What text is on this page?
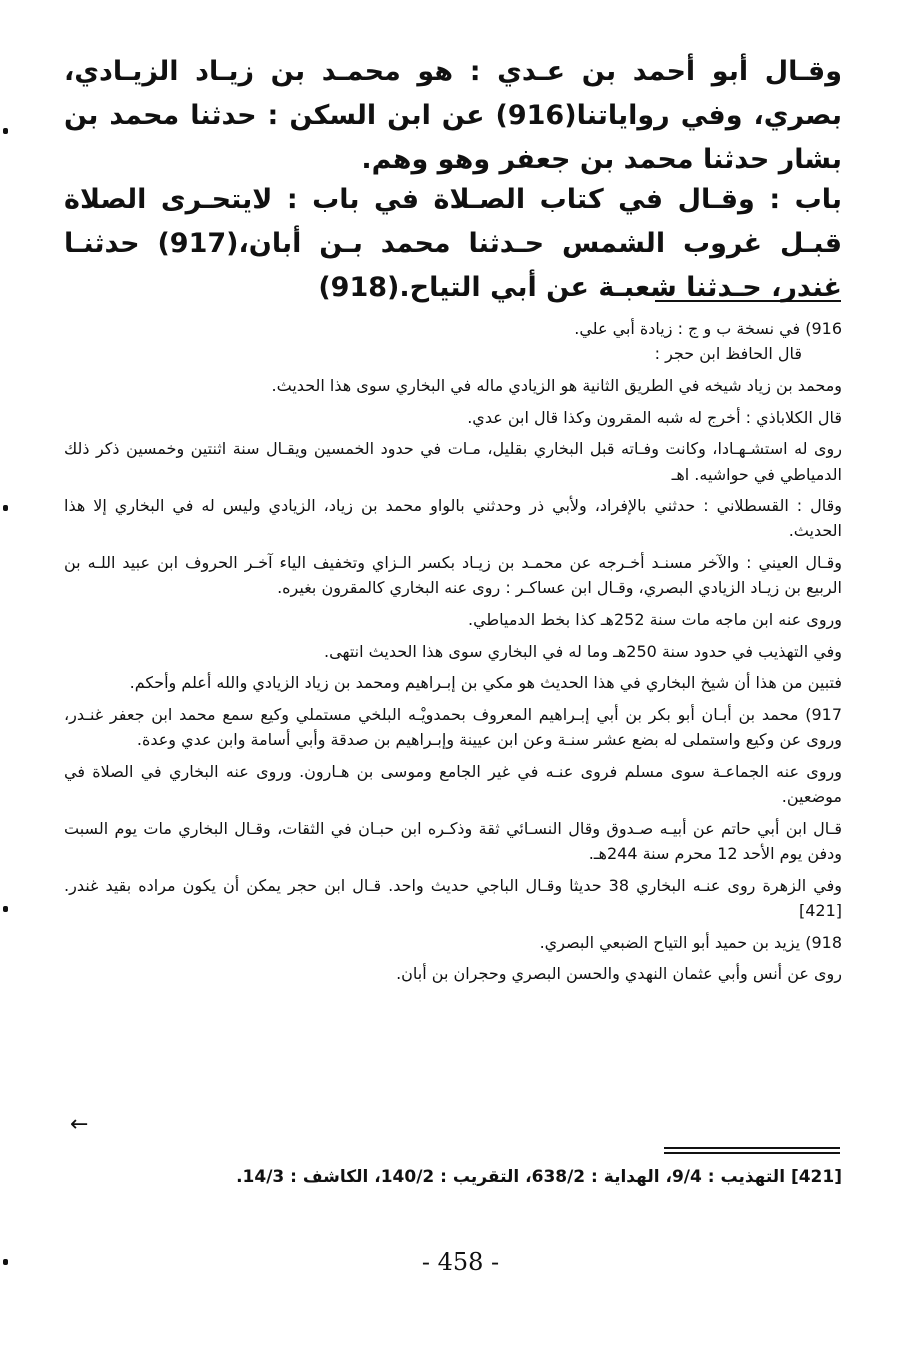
وقـال أبو أحمد بن عـدي : هو محمـد بن زيـاد الزيـادي، بصري، وفي رواياتنا(916) عن ابن السكن : حدثنا محمد بن بشار حدثنا محمد بن جعفر وهو وهم.

باب : وقـال في كتاب الصـلاة في باب : لايتحـرى الصلاة قبـل غروب الشمس حـدثنا محمد بـن أبان،(917) حدثنـا غندر، حـدثنا شعبـة عن أبي التياح.(918)

916) في نسخة ب و ج : زيادة أبي علي.

قال الحافظ ابن حجر :

ومحمد بن زياد شيخه في الطريق الثانية هو الزيادي ماله في البخاري سوى هذا الحديث.

قال الكلاباذي : أخرج له شبه المقرون وكذا قال ابن عدي.

روى له استشـهـادا، وكانت وفـاته قبل البخاري بقليل، مـات في حدود الخمسين ويقـال سنة اثنتين وخمسين ذكر ذلك الدمياطي في حواشيه. اهـ

وقال : القسطلاني : حدثني بالإفراد، ولأبي ذر وحدثني بالواو محمد بن زياد، الزيادي وليس له في البخاري إلا هذا الحديث.

وقـال العيني : والآخر مسنـد أخـرجه عن محمـد بن زيـاد بكسر الـزاي وتخفيف الياء آخـر الحروف ابن عبيد اللـه بن الربيع بن زيـاد الزيادي البصري، وقـال ابن عساكـر : روى عنه البخاري كالمقرون بغيره.

وروى عنه ابن ماجه مات سنة 252هـ كذا بخط الدمياطي.

وفي التهذيب في حدود سنة 250هـ وما له في البخاري سوى هذا الحديث انتهى.

فتبين من هذا أن شيخ البخاري في هذا الحديث هو مكي بن إبـراهيم ومحمد بن زياد الزيادي والله أعلم وأحكم.

917) محمد بن أبـان أبو بكر بن أبي إبـراهيم المعروف بحمدويْـه البلخي مستملي وكيع سمع محمد ابن جعفر غنـدر، وروى عن وكيع واستملى له بضع عشر سنـة وعن ابن عيينة وإبـراهيم بن صدقة وأبي أسامة وابن عدي وعدة.

وروى عنه الجماعـة سوى مسلم فروى عنـه في غير الجامع وموسى بن هـارون. وروى عنه البخاري في الصلاة في موضعين.

قـال ابن أبي حاتم عن أبيـه صـدوق وقال النسـائي ثقة وذكـره ابن حبـان في الثقات، وقـال البخاري مات يوم السبت ودفن يوم الأحد 12 محرم سنة 244هـ.

وفي الزهرة روى عنـه البخاري 38 حديثا وقـال الباجي حديث واحد. قـال ابن حجر يمكن أن يكون مراده بقيد غندر.[421]

918) يزيد بن حميد أبو التياح الضبعي البصري.

روى عن أنس وأبي عثمان النهدي والحسن البصري وحجران بن أبان.

←
[421] التهذيب : 9/4، الهداية : 638/2، التقريب : 140/2، الكاشف : 14/3.
- 458 -
